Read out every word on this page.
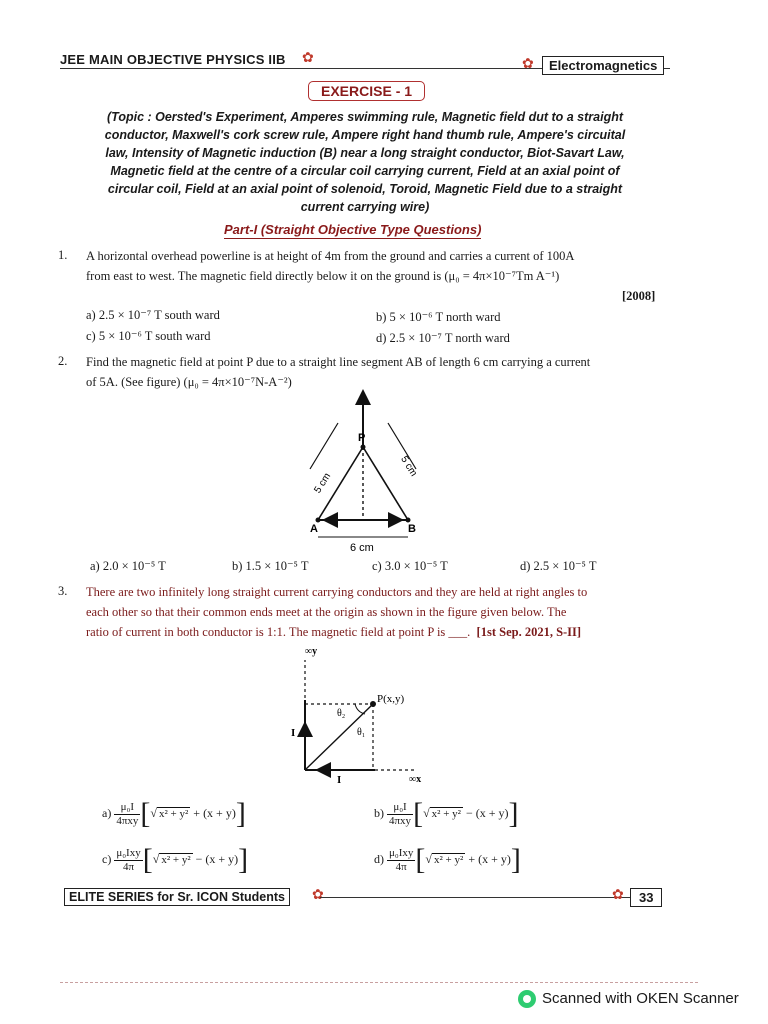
JEE MAIN OBJECTIVE PHYSICS IIB ✿	✿	Electromagnetics
EXERCISE - 1
(Topic : Oersted's Experiment, Amperes swimming rule, Magnetic field dut to a straight
conductor, Maxwell's cork screw rule, Ampere right hand thumb rule, Ampere's circuital
law, Intensity of Magnetic induction (B) near a long straight conductor, Biot-Savart Law,
Magnetic field at the centre of a circular coil carrying current, Field at an axial point of
circular coil, Field at an axial point of solenoid, Toroid, Magnetic Field due to a straight
current carrying wire)
Part-I (Straight Objective Type Questions)
1. A horizontal overhead powerline is at height of 4m from the ground and carries a current of 100A
from east to west. The magnetic field directly below it on the ground is (μ₀ = 4π×10⁻⁷Tm A⁻¹)
[2008]
a) 2.5 × 10⁻⁷ T south ward	b) 5 × 10⁻⁶ T north ward
c) 5 × 10⁻⁶ T south ward	d) 2.5 × 10⁻⁷ T north ward
2. Find the magnetic field at point P due to a straight line segment AB of length 6 cm carrying a current
of 5A. (See figure) (μ₀ = 4π×10⁻⁷N-A⁻²)
P
A	B
5 cm
5 cm
6 cm
a) 2.0 × 10⁻⁵ T	b) 1.5 × 10⁻⁵ T	c) 3.0 × 10⁻⁵ T	d) 2.5 × 10⁻⁵ T
3. There are two infinitely long straight current carrying conductors and they are held at right angles to
each other so that their common ends meet at the origin as shown in the figure given below. The
ratio of current in both conductor is 1:1. The magnetic field at point P is ___. [1st Sep. 2021, S-II]
∞y
∞x
P(x,y)
θ₂
θ₁
I
I
$a) \frac{\text{μ₀I}}{\text{4πxy}}$ [√ x² + y² + (x + y)]	$b) \frac{\text{μ₀I}}{\text{4πxy}}$ [√ x² + y² − (x + y)]
$c) \frac{\text{μ₀Ixy}}{4\pi}$ [√ x² + y² − (x + y)]	$d) \frac{\text{μ₀Ixy}}{4\pi}$ [√ x² + y² + (x + y)]
ELITE SERIES for Sr. ICON Students	✿	✿	33
Scanned with OKEN Scanner
